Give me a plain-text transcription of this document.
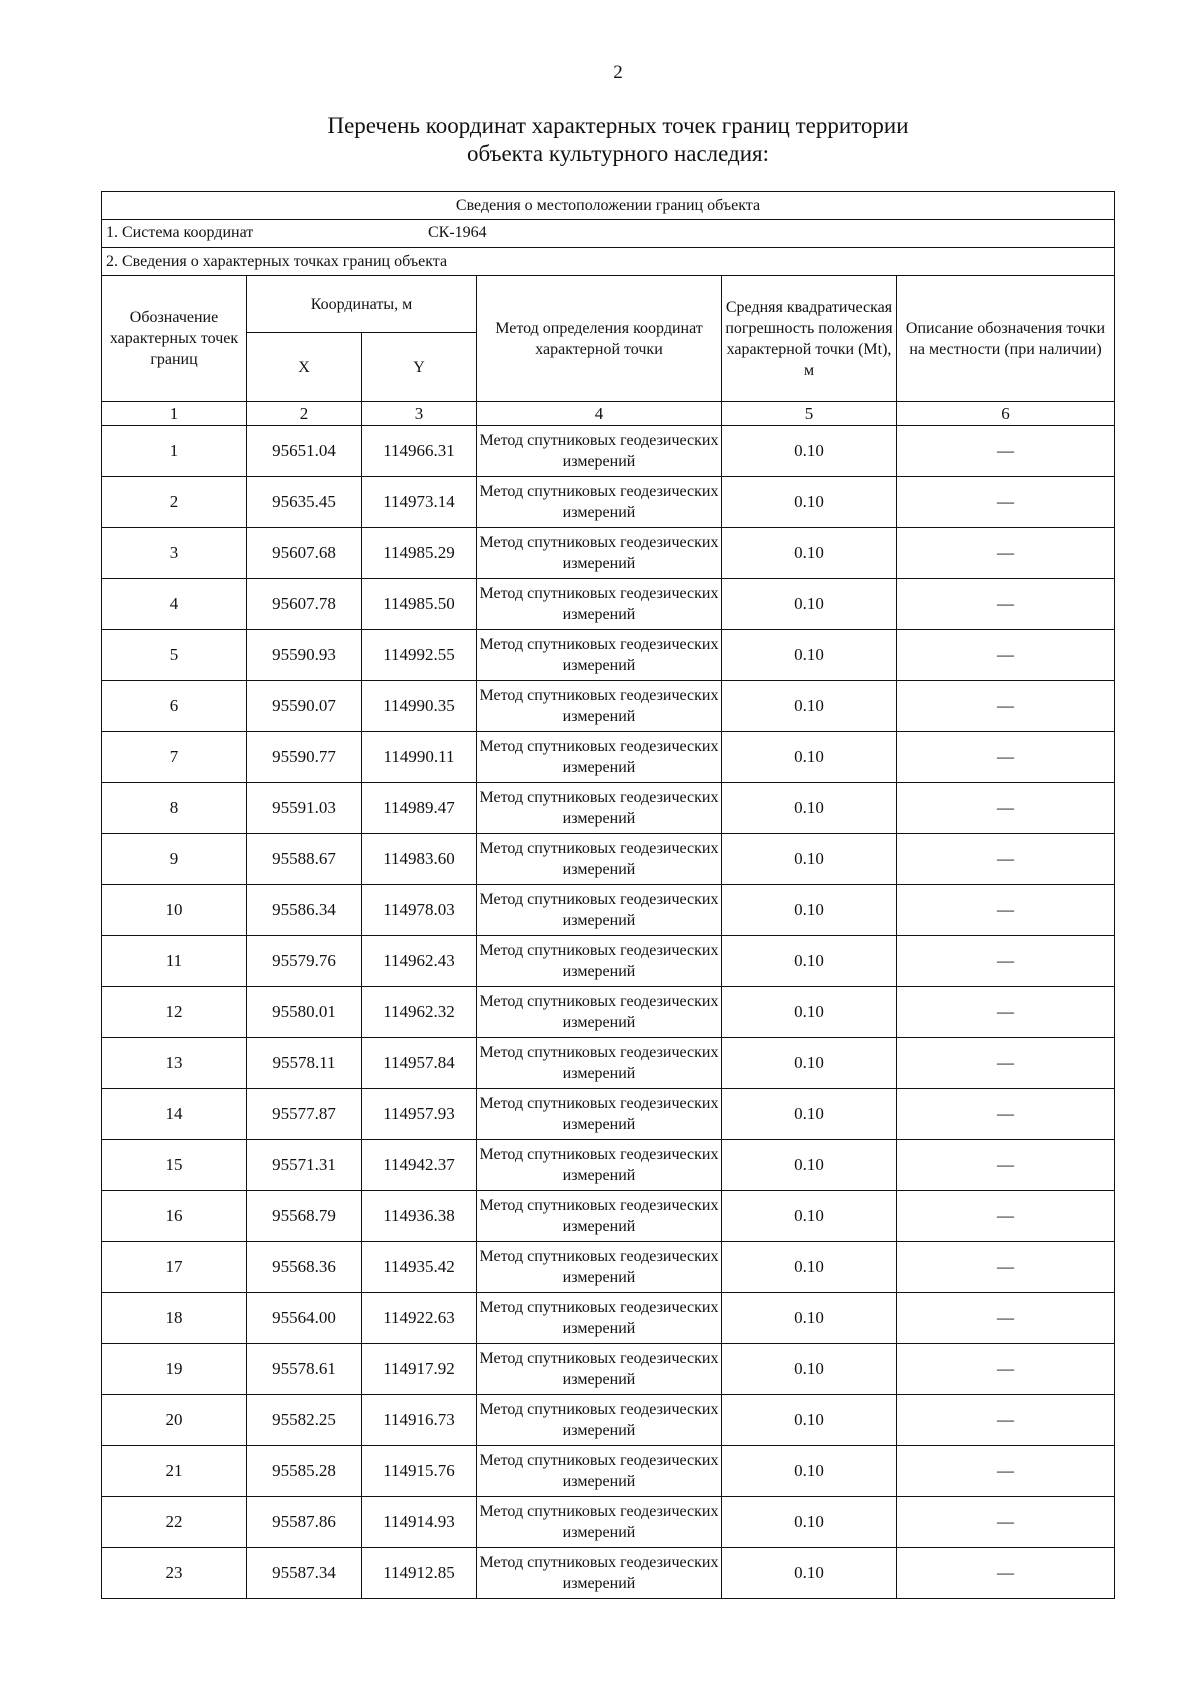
2
Перечень координат характерных точек границ территории
объекта культурного наследия:
Сведения о местоположении границ объекта					

1. Система координат СК-1964					

2. Сведения о характерных точках границ объекта					
Обозначение характерных точек границ	Координаты, м		Метод определения координат характерной точки	Средняя квадратическая погрешность положения характерной точки (Mt), м	Описание обозначения точки на местности (при наличии)
	X	Y			
1	2	3	4	5	6
1	95651.04	114966.31	Метод спутниковых геодезических измерений	0.10	—
2	95635.45	114973.14	Метод спутниковых геодезических измерений	0.10	—
3	95607.68	114985.29	Метод спутниковых геодезических измерений	0.10	—
4	95607.78	114985.50	Метод спутниковых геодезических измерений	0.10	—
5	95590.93	114992.55	Метод спутниковых геодезических измерений	0.10	—
6	95590.07	114990.35	Метод спутниковых геодезических измерений	0.10	—
7	95590.77	114990.11	Метод спутниковых геодезических измерений	0.10	—
8	95591.03	114989.47	Метод спутниковых геодезических измерений	0.10	—
9	95588.67	114983.60	Метод спутниковых геодезических измерений	0.10	—
10	95586.34	114978.03	Метод спутниковых геодезических измерений	0.10	—
11	95579.76	114962.43	Метод спутниковых геодезических измерений	0.10	—
12	95580.01	114962.32	Метод спутниковых геодезических измерений	0.10	—
13	95578.11	114957.84	Метод спутниковых геодезических измерений	0.10	—
14	95577.87	114957.93	Метод спутниковых геодезических измерений	0.10	—
15	95571.31	114942.37	Метод спутниковых геодезических измерений	0.10	—
16	95568.79	114936.38	Метод спутниковых геодезических измерений	0.10	—
17	95568.36	114935.42	Метод спутниковых геодезических измерений	0.10	—
18	95564.00	114922.63	Метод спутниковых геодезических измерений	0.10	—
19	95578.61	114917.92	Метод спутниковых геодезических измерений	0.10	—
20	95582.25	114916.73	Метод спутниковых геодезических измерений	0.10	—
21	95585.28	114915.76	Метод спутниковых геодезических измерений	0.10	—
22	95587.86	114914.93	Метод спутниковых геодезических измерений	0.10	—
23	95587.34	114912.85	Метод спутниковых геодезических измерений	0.10	—
